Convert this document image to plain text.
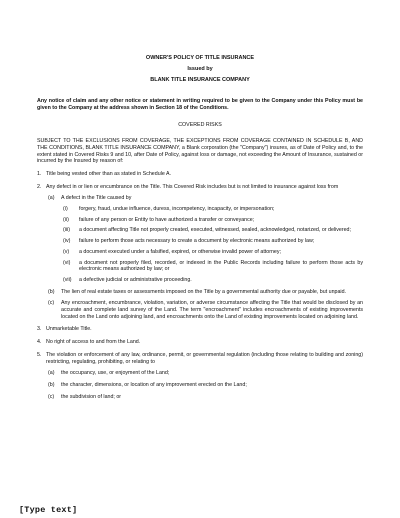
OWNER'S POLICY OF TITLE INSURANCE
Issued by
BLANK TITLE INSURANCE COMPANY
Any notice of claim and any other notice or statement in writing required to be given to the Company under this Policy must be given to the Company at the address shown in Section 18 of the Conditions.
COVERED RISKS
SUBJECT TO THE EXCLUSIONS FROM COVERAGE, THE EXCEPTIONS FROM COVERAGE CONTAINED IN SCHEDULE B, AND THE CONDITIONS, BLANK TITLE INSURANCE COMPANY, a Blank corporation (the "Company") insures, as of Date of Policy and, to the extent stated in Covered Risks 9 and 10, after Date of Policy, against loss or damage, not exceeding the Amount of Insurance, sustained or incurred by the Insured by reason of:
1. Title being vested other than as stated in Schedule A.
2. Any defect in or lien or encumbrance on the Title. This Covered Risk includes but is not limited to insurance against loss from
(a)	A defect in the Title caused by
(i)	forgery, fraud, undue influence, duress, incompetency, incapacity, or impersonation;
(ii)	failure of any person or Entity to have authorized a transfer or conveyance;
(iii)	a document affecting Title not properly created, executed, witnessed, sealed, acknowledged, notarized, or delivered;
(iv)	failure to perform those acts necessary to create a document by electronic means authorized by law;
(v)	a document executed under a falsified, expired, or otherwise invalid power of attorney;
(vi)	a document not properly filed, recorded, or indexed in the Public Records including failure to perform those acts by electronic means authorized by law; or
(vii)	a defective judicial or administrative proceeding.
(b)	The lien of real estate taxes or assessments imposed on the Title by a governmental authority due or payable, but unpaid.
(c)	Any encroachment, encumbrance, violation, variation, or adverse circumstance affecting the Title that would be disclosed by an accurate and complete land survey of the Land. The term "encroachment" includes encroachments of existing improvements located on the Land onto adjoining land, and encroachments onto the Land of existing improvements located on adjoining land.
3. Unmarketable Title.
4. No right of access to and from the Land.
5. The violation or enforcement of any law, ordinance, permit, or governmental regulation (including those relating to building and zoning) restricting, regulating, prohibiting, or relating to
(a)	the occupancy, use, or enjoyment of the Land;
(b)	the character, dimensions, or location of any improvement erected on the Land;
(c)	the subdivision of land; or
[Type text]
